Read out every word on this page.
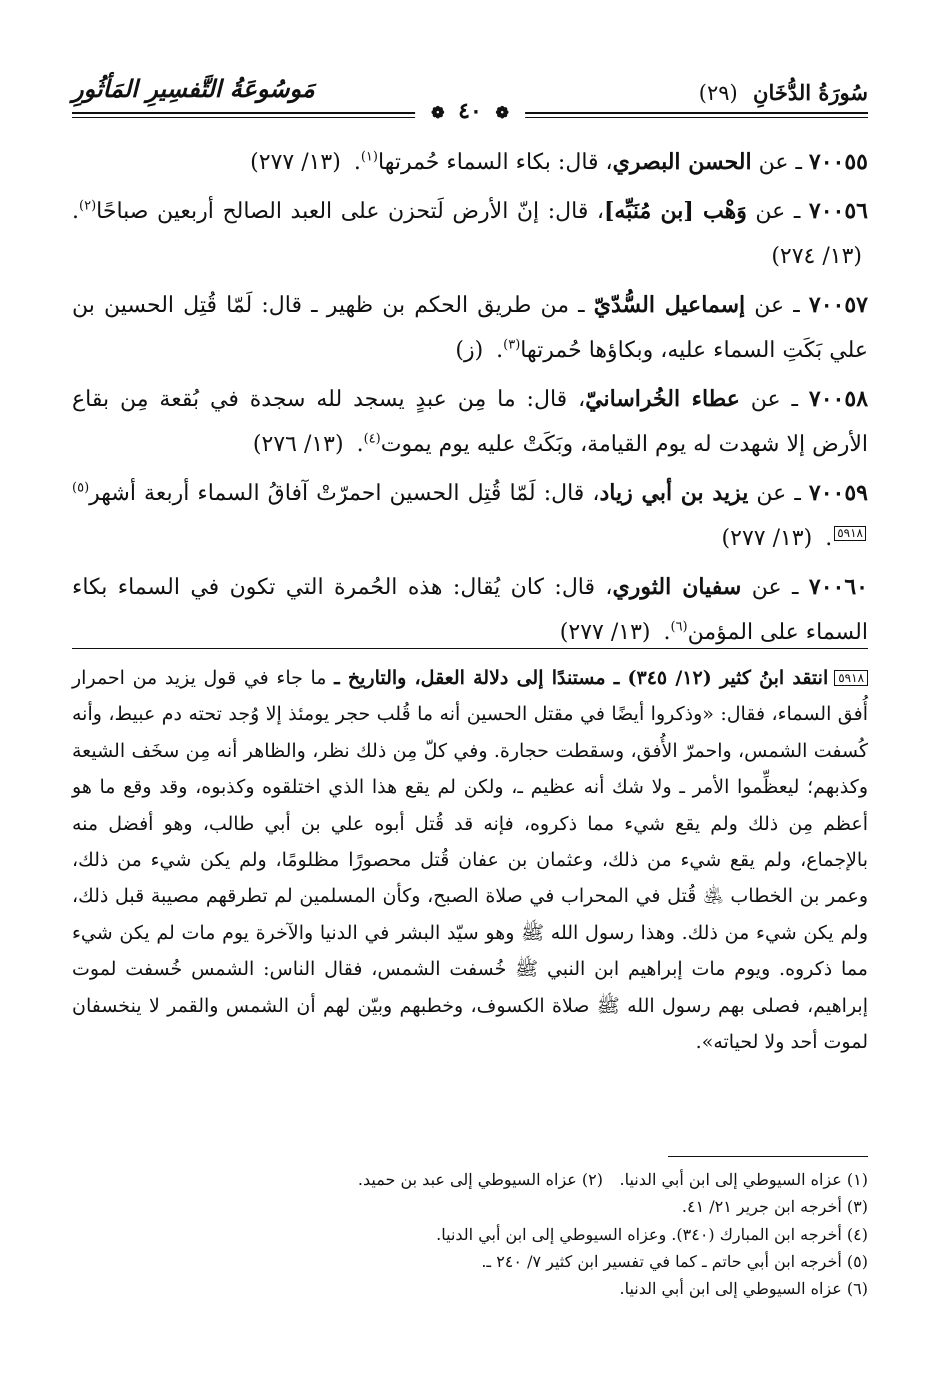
سُورَةُ الدُّخَانِ (٢٩)
مَوسُوعَةُ التَّفسِيرِ المَأثُورِ
❁ ٤٠ ❁

٧٠٠٥٥ ـ عن الحسن البصري، قال: بكاء السماء حُمرتها$^{(١)}$. (١٣/ ٢٧٧)

٧٠٠٥٦ ـ عن وَهْب [بن مُنَبِّه]، قال: إنّ الأرض لَتحزن على العبد الصالح أربعين صباحًا$^{(٢)}$. (١٣/ ٢٧٤)

٧٠٠٥٧ ـ عن إسماعيل السُّدّيّ ـ من طريق الحكم بن ظهير ـ قال: لَمّا قُتِل الحسين بن علي بَكَتِ السماء عليه، وبكاؤها حُمرتها$^{(٣)}$. (ز)

٧٠٠٥٨ ـ عن عطاء الخُراسانيّ، قال: ما مِن عبدٍ يسجد لله سجدة في بُقعة مِن بقاع الأرض إلا شهدت له يوم القيامة، وبَكَتْ عليه يوم يموت$^{(٤)}$. (١٣/ ٢٧٦)

٧٠٠٥٩ ـ عن يزيد بن أبي زياد، قال: لَمّا قُتِل الحسين احمرّتْ آفاقُ السماء أربعة أشهر$^{(٥)}$٥٩١٨. (١٣/ ٢٧٧)

٧٠٠٦٠ ـ عن سفيان الثوري، قال: كان يُقال: هذه الحُمرة التي تكون في السماء بكاء السماء على المؤمن$^{(٦)}$. (١٣/ ٢٧٧)

٥٩١٨انتقد ابنُ كثير (١٢/ ٣٤٥) ـ مستندًا إلى دلالة العقل، والتاريخ ـ ما جاء في قول يزيد من احمرار أُفق السماء، فقال: «وذكروا أيضًا في مقتل الحسين أنه ما قُلب حجر يومئذ إلا وُجد تحته دم عبيط، وأنه كُسفت الشمس، واحمرّ الأُفق، وسقطت حجارة. وفي كلّ مِن ذلك نظر، والظاهر أنه مِن سخَف الشيعة وكذبهم؛ ليعظِّموا الأمر ـ ولا شك أنه عظيم ـ، ولكن لم يقع هذا الذي اختلقوه وكذبوه، وقد وقع ما هو أعظم مِن ذلك ولم يقع شيء مما ذكروه، فإنه قد قُتل أبوه علي بن أبي طالب، وهو أفضل منه بالإجماع، ولم يقع شيء من ذلك، وعثمان بن عفان قُتل محصورًا مظلومًا، ولم يكن شيء من ذلك، وعمر بن الخطاب ﵁ قُتل في المحراب في صلاة الصبح، وكأن المسلمين لم تطرقهم مصيبة قبل ذلك، ولم يكن شيء من ذلك. وهذا رسول الله ﷺ وهو سيّد البشر في الدنيا والآخرة يوم مات لم يكن شيء مما ذكروه. ويوم مات إبراهيم ابن النبي ﷺ خُسفت الشمس، فقال الناس: الشمس خُسفت لموت إبراهيم، فصلى بهم رسول الله ﷺ صلاة الكسوف، وخطبهم وبيّن لهم أن الشمس والقمر لا ينخسفان لموت أحد ولا لحياته».
(١) عزاه السيوطي إلى ابن أبي الدنيا.
(٢) عزاه السيوطي إلى عبد بن حميد.
(٣) أخرجه ابن جرير ٢١/ ٤١.
(٤) أخرجه ابن المبارك (٣٤٠). وعزاه السيوطي إلى ابن أبي الدنيا.
(٥) أخرجه ابن أبي حاتم ـ كما في تفسير ابن كثير ٧/ ٢٤٠ ـ.
(٦) عزاه السيوطي إلى ابن أبي الدنيا.
